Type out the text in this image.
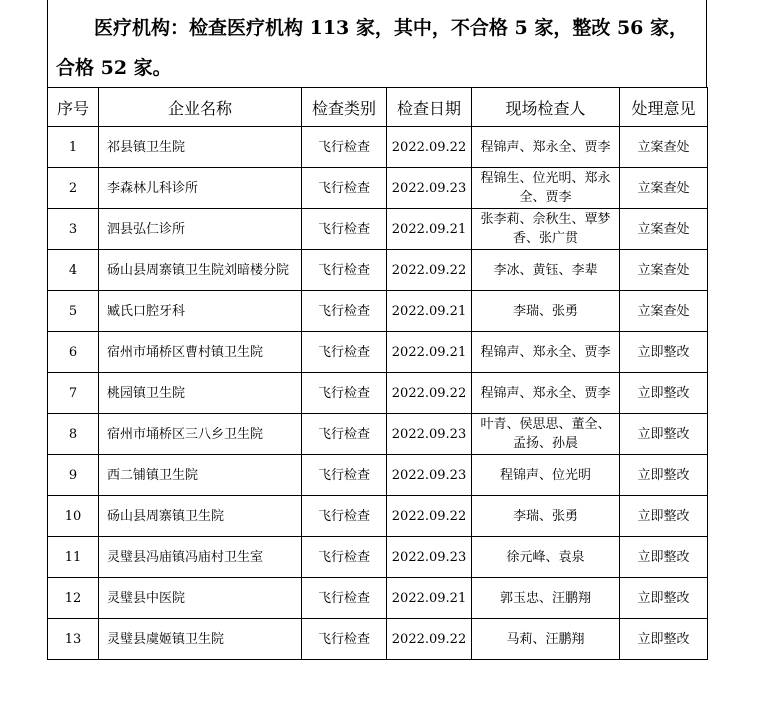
医疗机构：检查医疗机构 113 家，其中，不合格 5 家，整改 56 家，合格 52 家。

序号	企业名称	检查类别	检查日期	现场检查人	处理意见
1	祁县镇卫生院	飞行检查	2022.09.22	程锦声、郑永全、贾李	立案查处
2	李森林儿科诊所	飞行检查	2022.09.23	程锦生、位光明、郑永全、贾李	立案查处
3	泗县弘仁诊所	飞行检查	2022.09.21	张李莉、佘秋生、覃梦香、张广贯	立案查处
4	砀山县周寨镇卫生院刘暗楼分院	飞行检查	2022.09.22	李冰、黄钰、李辈	立案查处
5	臧氏口腔牙科	飞行检查	2022.09.21	李瑞、张勇	立案查处
6	宿州市埇桥区曹村镇卫生院	飞行检查	2022.09.21	程锦声、郑永全、贾李	立即整改
7	桃园镇卫生院	飞行检查	2022.09.22	程锦声、郑永全、贾李	立即整改
8	宿州市埇桥区三八乡卫生院	飞行检查	2022.09.23	叶青、侯思思、董全、孟扬、孙晨	立即整改
9	西二铺镇卫生院	飞行检查	2022.09.23	程锦声、位光明	立即整改
10	砀山县周寨镇卫生院	飞行检查	2022.09.22	李瑞、张勇	立即整改
11	灵璧县冯庙镇冯庙村卫生室	飞行检查	2022.09.23	徐元峰、袁泉	立即整改
12	灵璧县中医院	飞行检查	2022.09.21	郭玉忠、汪鹏翔	立即整改
13	灵璧县虞姬镇卫生院	飞行检查	2022.09.22	马莉、汪鹏翔	立即整改
